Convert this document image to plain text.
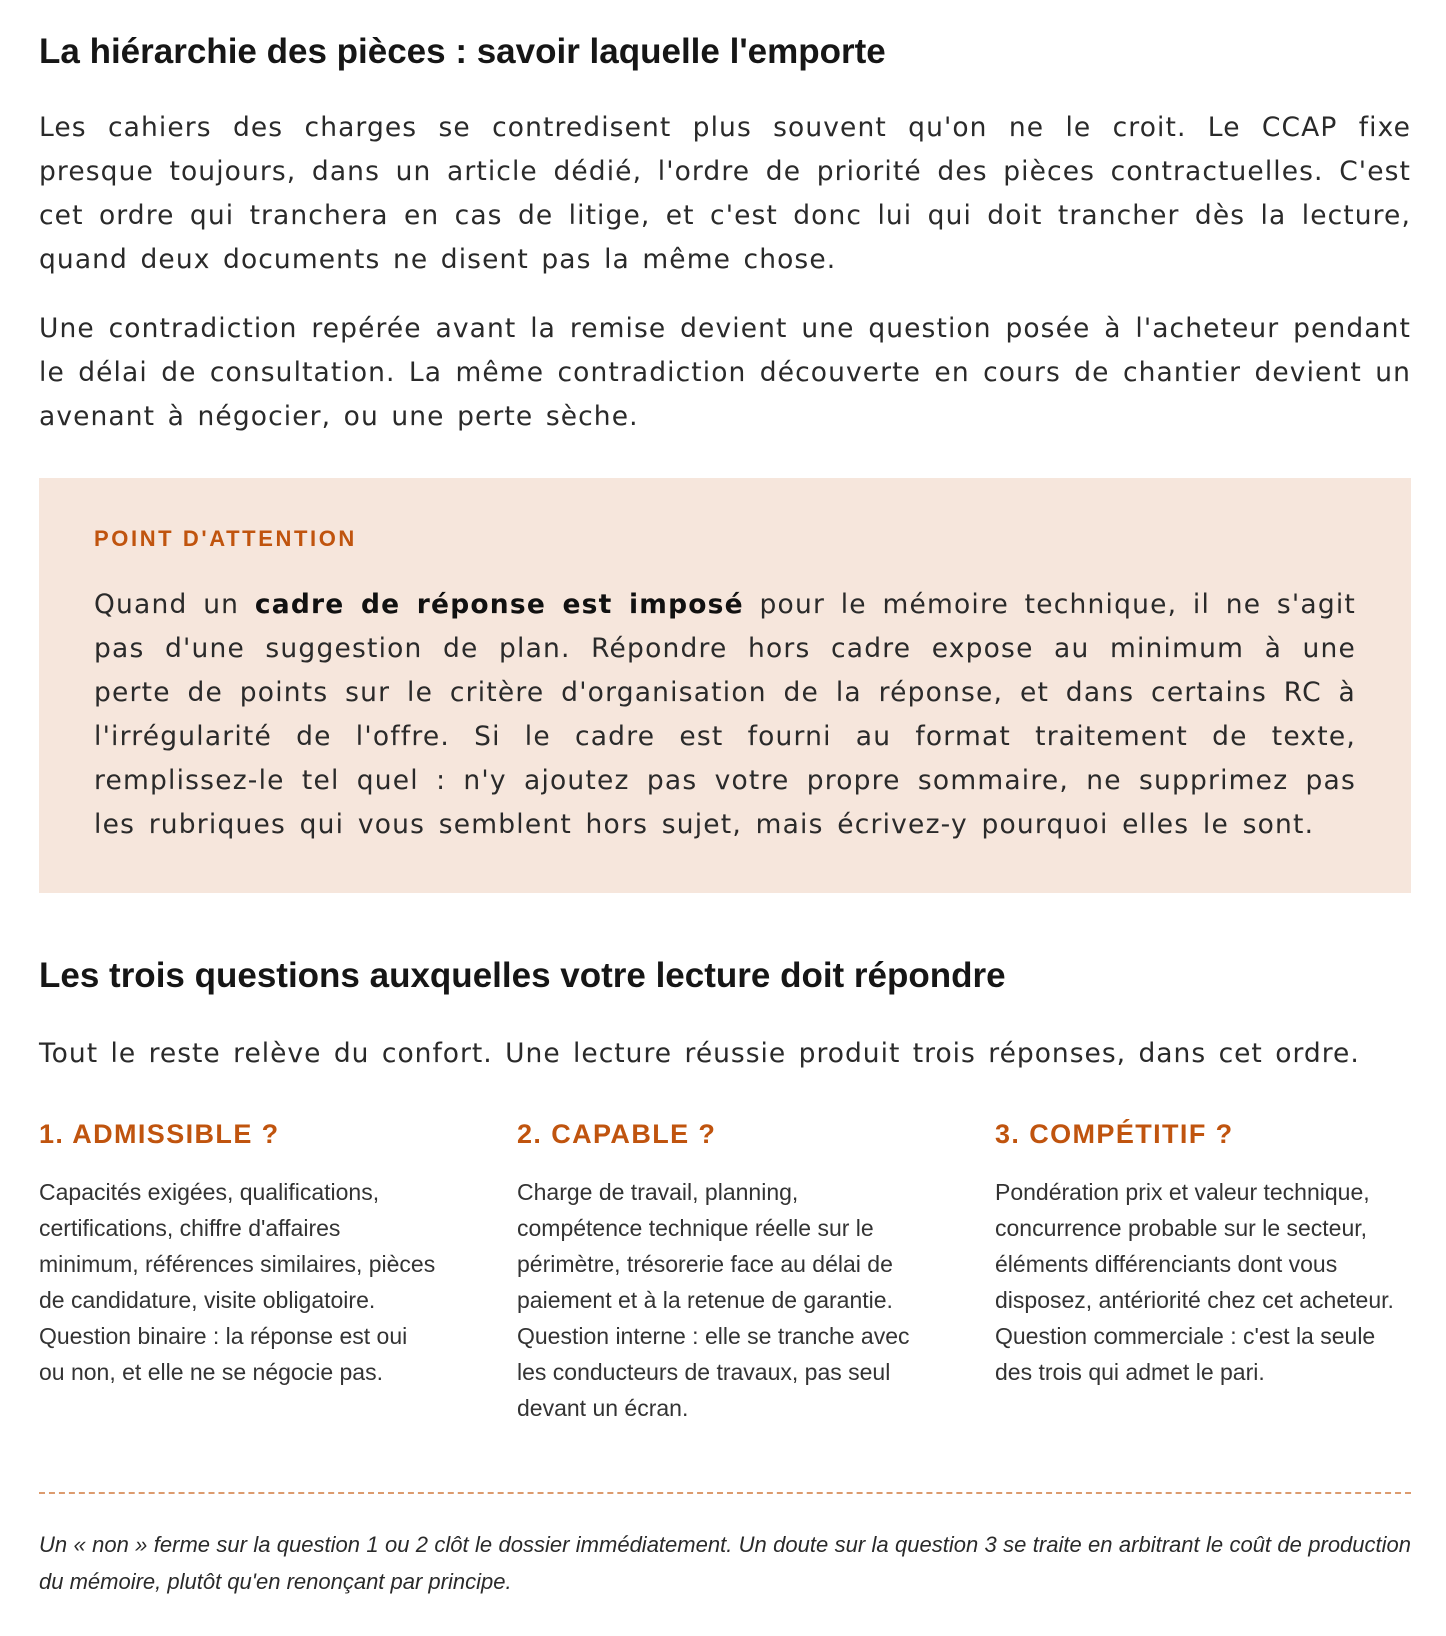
La hiérarchie des pièces : savoir laquelle l'emporte

Les cahiers des charges se contredisent plus souvent qu'on ne le croit. Le CCAP fixe presque toujours, dans un article dédié, l'ordre de priorité des pièces contractuelles. C'est cet ordre qui tranchera en cas de litige, et c'est donc lui qui doit trancher dès la lecture, quand deux documents ne disent pas la même chose.

Une contradiction repérée avant la remise devient une question posée à l'acheteur pendant le délai de consultation. La même contradiction découverte en cours de chantier devient un avenant à négocier, ou une perte sèche.

POINT D'ATTENTION

Quand un cadre de réponse est imposé pour le mémoire technique, il ne s'agit pas d'une suggestion de plan. Répondre hors cadre expose au minimum à une perte de points sur le critère d'organisation de la réponse, et dans certains RC à l'irrégularité de l'offre. Si le cadre est fourni au format traitement de texte, remplissez-le tel quel : n'y ajoutez pas votre propre sommaire, ne supprimez pas les rubriques qui vous semblent hors sujet, mais écrivez-y pourquoi elles le sont.

Les trois questions auxquelles votre lecture doit répondre

Tout le reste relève du confort. Une lecture réussie produit trois réponses, dans cet ordre.

1. ADMISSIBLE ?

Capacités exigées, qualifications, certifications, chiffre d'affaires minimum, références similaires, pièces de candidature, visite obligatoire. Question binaire : la réponse est oui ou non, et elle ne se négocie pas.

2. CAPABLE ?

Charge de travail, planning, compétence technique réelle sur le périmètre, trésorerie face au délai de paiement et à la retenue de garantie. Question interne : elle se tranche avec les conducteurs de travaux, pas seul devant un écran.

3. COMPÉTITIF ?

Pondération prix et valeur technique, concurrence probable sur le secteur, éléments différenciants dont vous disposez, antériorité chez cet acheteur. Question commerciale : c'est la seule des trois qui admet le pari.

Un « non » ferme sur la question 1 ou 2 clôt le dossier immédiatement. Un doute sur la question 3 se traite en arbitrant le coût de production du mémoire, plutôt qu'en renonçant par principe.
